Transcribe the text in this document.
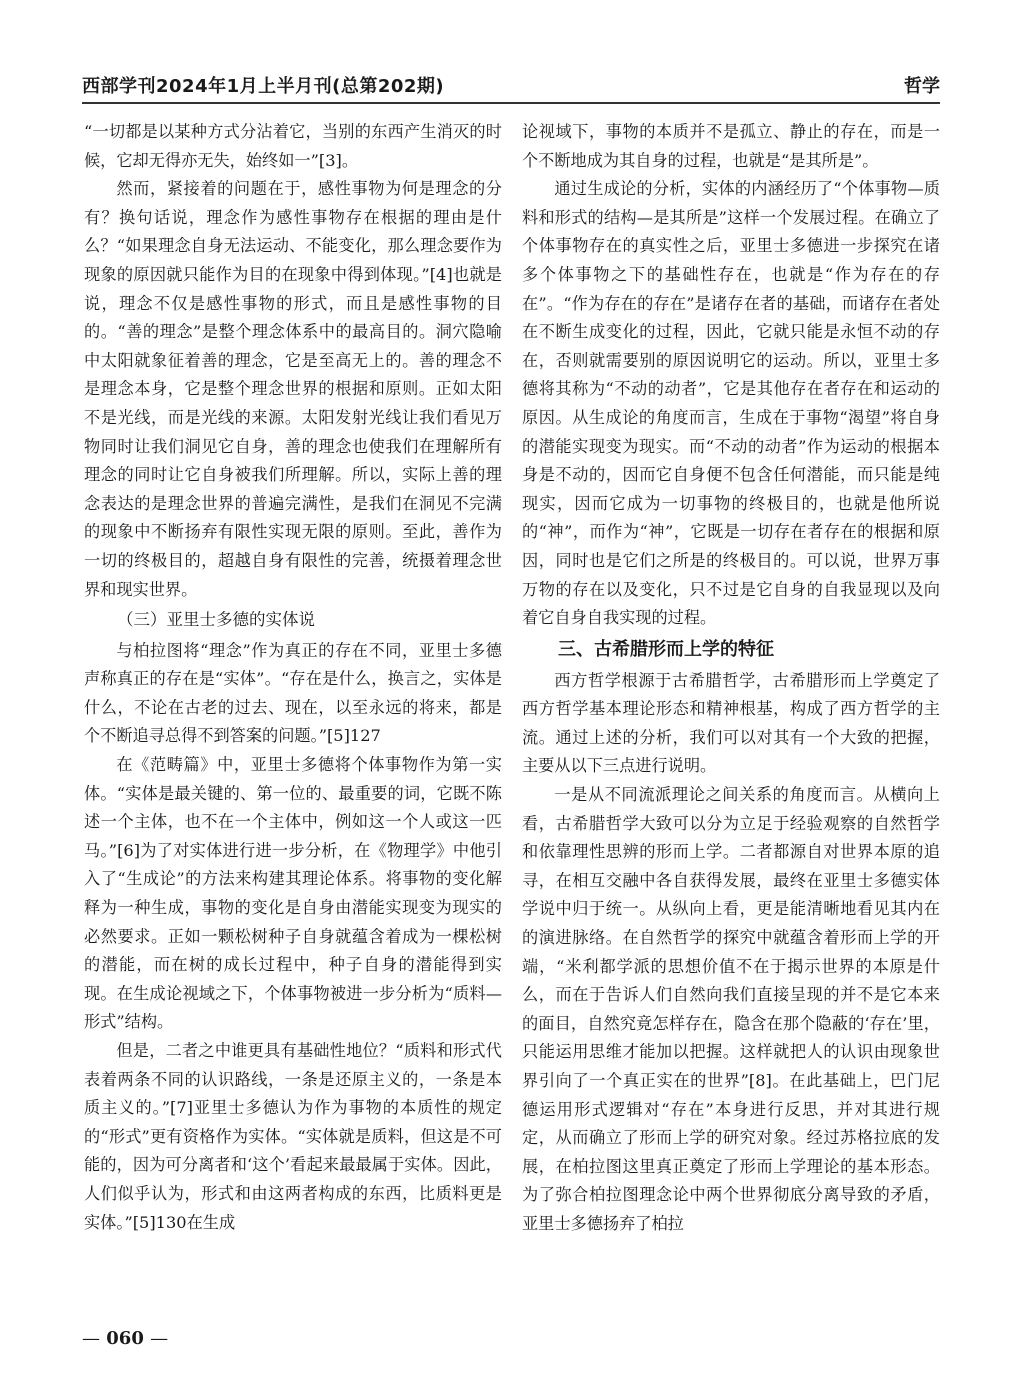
西部学刊2024年1月上半月刊(总第202期)	哲学

“一切都是以某种方式分沾着它，当别的东西产生消灭的时候，它却无得亦无失，始终如一”[3]。

然而，紧接着的问题在于，感性事物为何是理念的分有？换句话说，理念作为感性事物存在根据的理由是什么？“如果理念自身无法运动、不能变化，那么理念要作为现象的原因就只能作为目的在现象中得到体现。”[4]也就是说，理念不仅是感性事物的形式，而且是感性事物的目的。“善的理念”是整个理念体系中的最高目的。洞穴隐喻中太阳就象征着善的理念，它是至高无上的。善的理念不是理念本身，它是整个理念世界的根据和原则。正如太阳不是光线，而是光线的来源。太阳发射光线让我们看见万物同时让我们洞见它自身，善的理念也使我们在理解所有理念的同时让它自身被我们所理解。所以，实际上善的理念表达的是理念世界的普遍完满性，是我们在洞见不完满的现象中不断扬弃有限性实现无限的原则。至此，善作为一切的终极目的，超越自身有限性的完善，统摄着理念世界和现实世界。

（三）亚里士多德的实体说

与柏拉图将“理念”作为真正的存在不同，亚里士多德声称真正的存在是“实体”。“存在是什么，换言之，实体是什么，不论在古老的过去、现在，以至永远的将来，都是个不断追寻总得不到答案的问题。”[5]127

在《范畴篇》中，亚里士多德将个体事物作为第一实体。“实体是最关键的、第一位的、最重要的词，它既不陈述一个主体，也不在一个主体中，例如这一个人或这一匹马。”[6]为了对实体进行进一步分析，在《物理学》中他引入了“生成论”的方法来构建其理论体系。将事物的变化解释为一种生成，事物的变化是自身由潜能实现变为现实的必然要求。正如一颗松树种子自身就蕴含着成为一棵松树的潜能，而在树的成长过程中，种子自身的潜能得到实现。在生成论视域之下，个体事物被进一步分析为“质料—形式”结构。

但是，二者之中谁更具有基础性地位？“质料和形式代表着两条不同的认识路线，一条是还原主义的，一条是本质主义的。”[7]亚里士多德认为作为事物的本质性的规定的“形式”更有资格作为实体。“实体就是质料，但这是不可能的，因为可分离者和‘这个’看起来最最属于实体。因此，人们似乎认为，形式和由这两者构成的东西，比质料更是实体。”[5]130在生成

论视域下，事物的本质并不是孤立、静止的存在，而是一个不断地成为其自身的过程，也就是“是其所是”。

通过生成论的分析，实体的内涵经历了“个体事物—质料和形式的结构—是其所是”这样一个发展过程。在确立了个体事物存在的真实性之后，亚里士多德进一步探究在诸多个体事物之下的基础性存在，也就是“作为存在的存在”。“作为存在的存在”是诸存在者的基础，而诸存在者处在不断生成变化的过程，因此，它就只能是永恒不动的存在，否则就需要别的原因说明它的运动。所以，亚里士多德将其称为“不动的动者”，它是其他存在者存在和运动的原因。从生成论的角度而言，生成在于事物“渴望”将自身的潜能实现变为现实。而“不动的动者”作为运动的根据本身是不动的，因而它自身便不包含任何潜能，而只能是纯现实，因而它成为一切事物的终极目的，也就是他所说的“神”，而作为“神”，它既是一切存在者存在的根据和原因，同时也是它们之所是的终极目的。可以说，世界万事万物的存在以及变化，只不过是它自身的自我显现以及向着它自身自我实现的过程。

三、古希腊形而上学的特征

西方哲学根源于古希腊哲学，古希腊形而上学奠定了西方哲学基本理论形态和精神根基，构成了西方哲学的主流。通过上述的分析，我们可以对其有一个大致的把握，主要从以下三点进行说明。

一是从不同流派理论之间关系的角度而言。从横向上看，古希腊哲学大致可以分为立足于经验观察的自然哲学和依靠理性思辨的形而上学。二者都源自对世界本原的追寻，在相互交融中各自获得发展，最终在亚里士多德实体学说中归于统一。从纵向上看，更是能清晰地看见其内在的演进脉络。在自然哲学的探究中就蕴含着形而上学的开端，“米利都学派的思想价值不在于揭示世界的本原是什么，而在于告诉人们自然向我们直接呈现的并不是它本来的面目，自然究竟怎样存在，隐含在那个隐蔽的‘存在’里，只能运用思维才能加以把握。这样就把人的认识由现象世界引向了一个真正实在的世界”[8]。在此基础上，巴门尼德运用形式逻辑对“存在”本身进行反思，并对其进行规定，从而确立了形而上学的研究对象。经过苏格拉底的发展，在柏拉图这里真正奠定了形而上学理论的基本形态。为了弥合柏拉图理念论中两个世界彻底分离导致的矛盾，亚里士多德扬弃了柏拉

— 060 —
